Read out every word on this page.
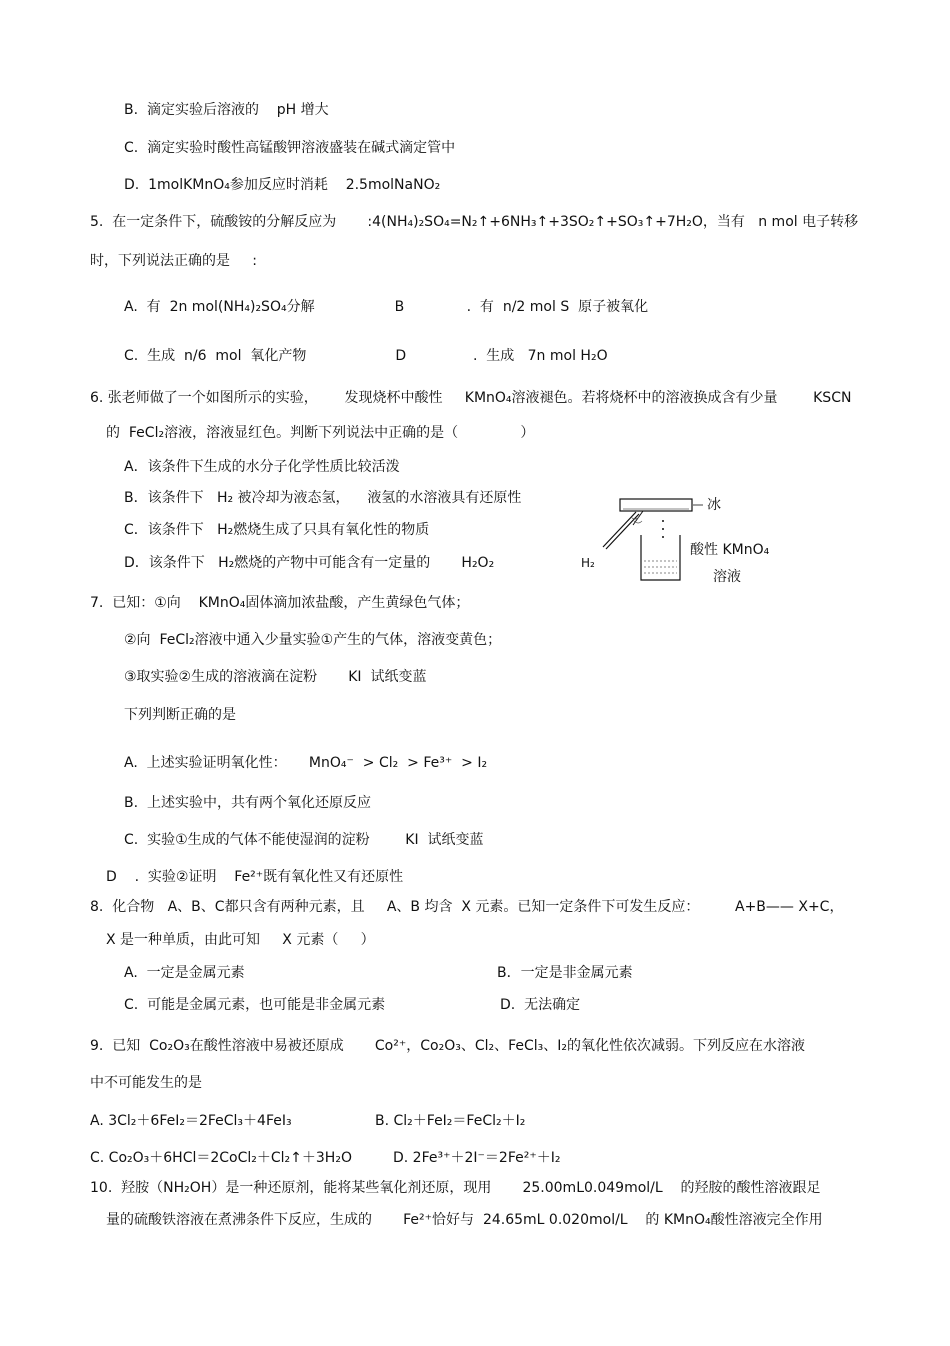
B.  滴定实验后溶液的    pH 增大
C.  滴定实验时酸性高锰酸钾溶液盛装在碱式滴定管中
D.  1molKMnO₄参加反应时消耗    2.5molNaNO₂
5.  在一定条件下，硫酸铵的分解反应为       :4(NH₄)₂SO₄=N₂↑+6NH₃↑+3SO₂↑+SO₃↑+7H₂O，当有   n mol 电子转移
时，下列说法正确的是     :
A.  有  2n mol(NH₄)₂SO₄分解                  B              .  有  n/2 mol S  原子被氧化
C.  生成  n/6  mol  氧化产物                    D               .  生成   7n mol H₂O
6. 张老师做了一个如图所示的实验，      发现烧杯中酸性     KMnO₄溶液褪色。若将烧杯中的溶液换成含有少量        KSCN
的  FeCl₂溶液，溶液显红色。判断下列说法中正确的是（              ）
A．该条件下生成的水分子化学性质比较活泼
B．该条件下   H₂ 被冷却为液态氢，    液氢的水溶液具有还原性
C．该条件下   H₂燃烧生成了只具有氧化性的物质
D．该条件下   H₂燃烧的产物中可能含有一定量的       H₂O₂
冰
酸性 KMnO₄
溶液
H₂
7.  已知：①向    KMnO₄固体滴加浓盐酸，产生黄绿色气体；
②向  FeCl₂溶液中通入少量实验①产生的气体，溶液变黄色；
③取实验②生成的溶液滴在淀粉       KI  试纸变蓝
下列判断正确的是
A.  上述实验证明氧化性：     MnO₄⁻  > Cl₂  > Fe³⁺  > I₂
B.  上述实验中，共有两个氧化还原反应
C.  实验①生成的气体不能使湿润的淀粉        KI  试纸变蓝
D    .  实验②证明    Fe²⁺既有氧化性又有还原性
8.  化合物   A、B、C都只含有两种元素，且     A、B 均含  X 元素。已知一定条件下可发生反应：        A+B—— X+C，
X 是一种单质，由此可知     X 元素（     ）
A.  一定是金属元素	B．一定是非金属元素
C.  可能是金属元素，也可能是非金属元素	D.  无法确定
9.  已知  Co₂O₃在酸性溶液中易被还原成       Co²⁺，Co₂O₃、Cl₂、FeCl₃、I₂的氧化性依次减弱。下列反应在水溶液
中不可能发生的是
A. 3Cl₂＋6FeI₂＝2FeCl₃＋4FeI₃	B. Cl₂＋FeI₂＝FeCl₂＋I₂
C. Co₂O₃＋6HCl＝2CoCl₂＋Cl₂↑＋3H₂O	D. 2Fe³⁺＋2I⁻＝2Fe²⁺＋I₂
10.  羟胺（NH₂OH）是一种还原剂，能将某些氧化剂还原，现用       25.00mL0.049mol/L    的羟胺的酸性溶液跟足
量的硫酸铁溶液在煮沸条件下反应，生成的       Fe²⁺恰好与  24.65mL 0.020mol/L    的 KMnO₄酸性溶液完全作用
